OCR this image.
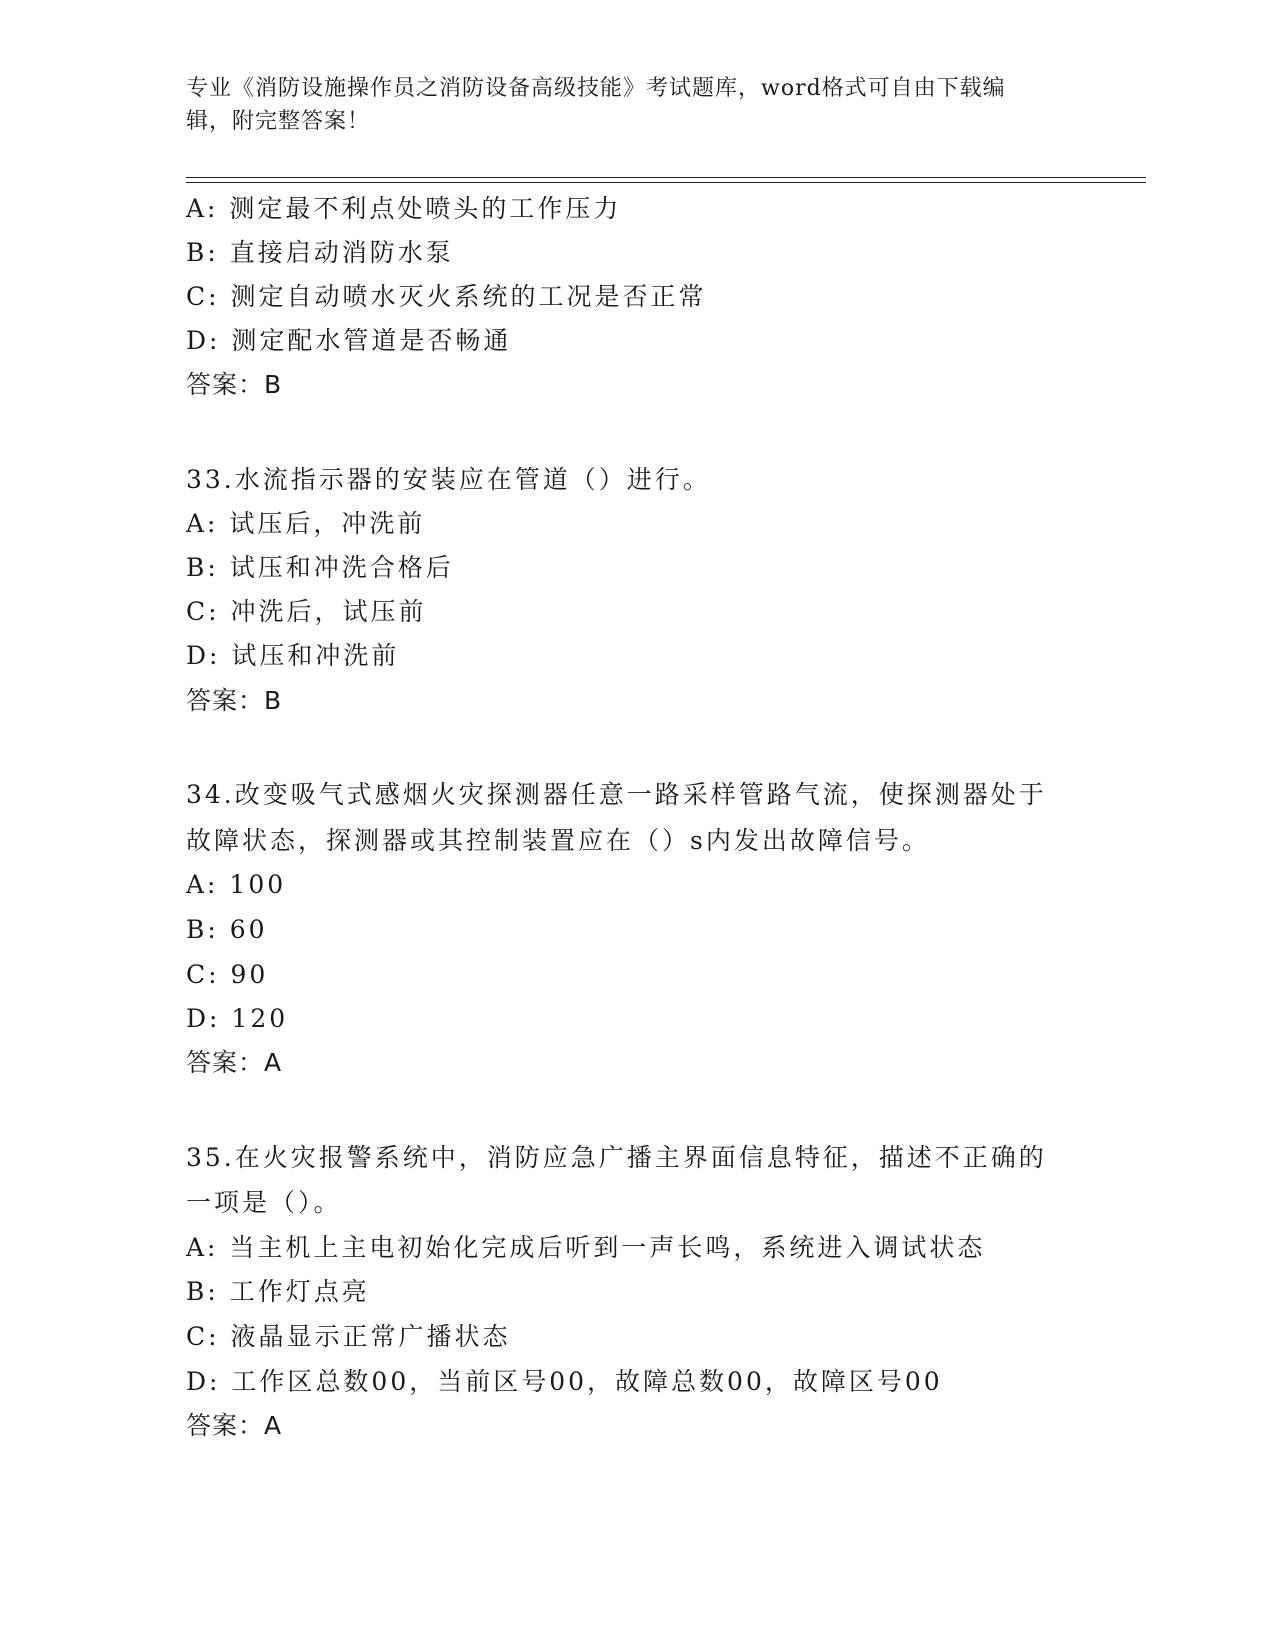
专业《消防设施操作员之消防设备高级技能》考试题库，word格式可自由下载编
辑，附完整答案！
A: 测定最不利点处喷头的工作压力
B: 直接启动消防水泵
C: 测定自动喷水灭火系统的工况是否正常
D: 测定配水管道是否畅通
答案：B
33.水流指示器的安装应在管道（）进行。
A: 试压后，冲洗前
B: 试压和冲洗合格后
C: 冲洗后，试压前
D: 试压和冲洗前
答案：B
34.改变吸气式感烟火灾探测器任意一路采样管路气流，使探测器处于
故障状态，探测器或其控制装置应在（）s内发出故障信号。
A: 100
B: 60
C: 90
D: 120
答案：A
35.在火灾报警系统中，消防应急广播主界面信息特征，描述不正确的
一项是（）。
A: 当主机上主电初始化完成后听到一声长鸣，系统进入调试状态
B: 工作灯点亮
C: 液晶显示正常广播状态
D: 工作区总数00，当前区号00，故障总数00，故障区号00
答案：A
